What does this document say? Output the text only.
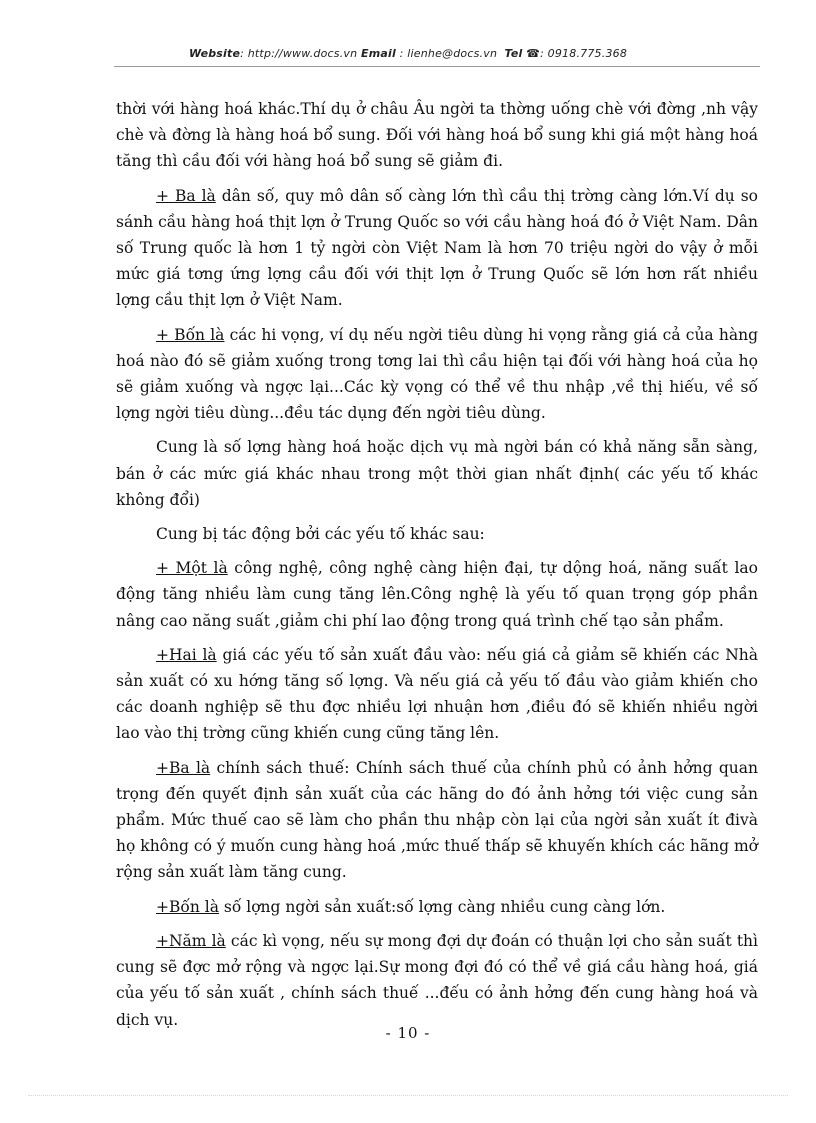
Website: http://www.docs.vn Email : lienhe@docs.vn Tel ☎: 0918.775.368

thời với hàng hoá khác.Thí dụ ở châu Âu ngời ta thờng uống chè với đờng ,nh vậy chè và đờng là hàng hoá bổ sung. Đối với hàng hoá bổ sung khi giá một hàng hoá tăng thì cầu đối với hàng hoá bổ sung sẽ giảm đi.

+ Ba là dân số, quy mô dân số càng lớn thì cầu thị trờng càng lớn.Ví dụ so sánh cầu hàng hoá thịt lợn ở Trung Quốc so với cầu hàng hoá đó ở Việt Nam. Dân số Trung quốc là hơn 1 tỷ ngời còn Việt Nam là hơn 70 triệu ngời do vậy ở mỗi mức giá tơng ứng lợng cầu đối với thịt lợn ở Trung Quốc sẽ lớn hơn rất nhiều lợng cầu thịt lợn ở Việt Nam.

+ Bốn là các hi vọng, ví dụ nếu ngời tiêu dùng hi vọng rằng giá cả của hàng hoá nào đó sẽ giảm xuống trong tơng lai thì cầu hiện tại đối với hàng hoá của họ sẽ giảm xuống và ngợc lại...Các kỳ vọng có thể về thu nhập ,về thị hiếu, về số lợng ngời tiêu dùng...đều tác dụng đến ngời tiêu dùng.

Cung là số lợng hàng hoá hoặc dịch vụ mà ngời bán có khả năng sẵn sàng, bán ở các mức giá khác nhau trong một thời gian nhất định( các yếu tố khác không đổi)

Cung bị tác động bởi các yếu tố khác sau:

+ Một là công nghệ, công nghệ càng hiện đại, tự dộng hoá, năng suất lao động tăng nhiều làm cung tăng lên.Công nghệ là yếu tố quan trọng góp phần nâng cao năng suất ,giảm chi phí lao động trong quá trình chế tạo sản phẩm.

+Hai là giá các yếu tố sản xuất đầu vào: nếu giá cả giảm sẽ khiến các Nhà sản xuất có xu hớng tăng số lợng. Và nếu giá cả yếu tố đầu vào giảm khiến cho các doanh nghiệp sẽ thu đợc nhiều lợi nhuận hơn ,điều đó sẽ khiến nhiều ngời lao vào thị trờng cũng khiến cung cũng tăng lên.

+Ba là chính sách thuế: Chính sách thuế của chính phủ có ảnh hởng quan trọng đến quyết định sản xuất của các hãng do đó ảnh hởng tới việc cung sản phẩm. Mức thuế cao sẽ làm cho phần thu nhập còn lại của ngời sản xuất ít đivà họ không có ý muốn cung hàng hoá ,mức thuế thấp sẽ khuyến khích các hãng mở rộng sản xuất làm tăng cung.

+Bốn là số lợng ngời sản xuất:số lợng càng nhiều cung càng lớn.

+Năm là các kì vọng, nếu sự mong đợi dự đoán có thuận lợi cho sản suất thì cung sẽ đợc mở rộng và ngợc lại.Sự mong đợi đó có thể về giá cầu hàng hoá, giá của yếu tố sản xuất , chính sách thuế ...đếu có ảnh hởng đến cung hàng hoá và dịch vụ.

- 10 -
